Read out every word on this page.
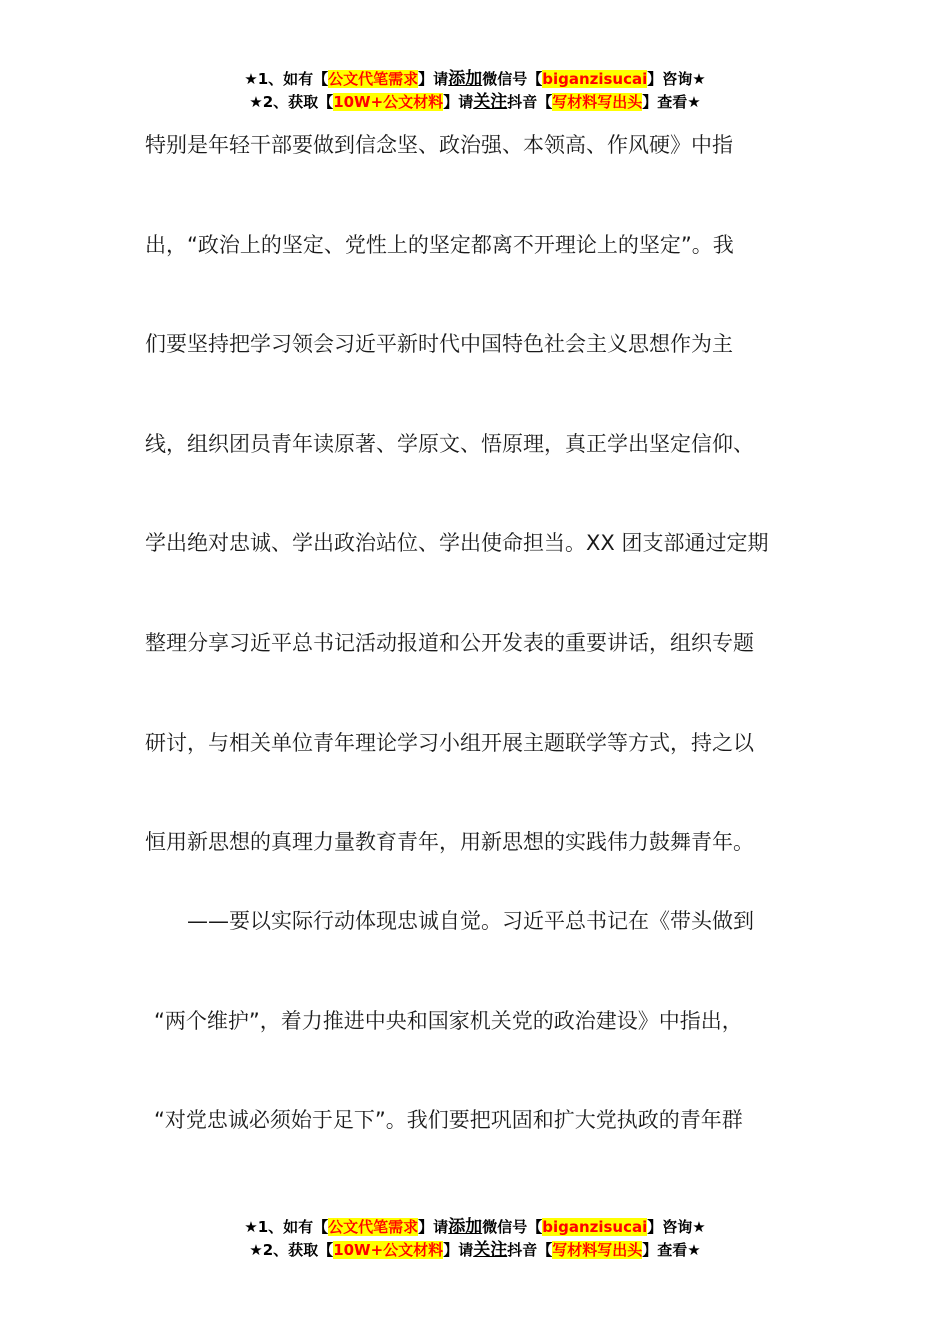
★1、如有【公文代笔需求】请添加微信号【biganzisucai】咨询★
★2、获取【10W+公文材料】请关注抖音【写材料写出头】查看★
特别是年轻干部要做到信念坚、政治强、本领高、作风硬》中指
出，“政治上的坚定、党性上的坚定都离不开理论上的坚定”。我
们要坚持把学习领会习近平新时代中国特色社会主义思想作为主
线，组织团员青年读原著、学原文、悟原理，真正学出坚定信仰、
学出绝对忠诚、学出政治站位、学出使命担当。XX 团支部通过定期
整理分享习近平总书记活动报道和公开发表的重要讲话，组织专题
研讨，与相关单位青年理论学习小组开展主题联学等方式，持之以
恒用新思想的真理力量教育青年，用新思想的实践伟力鼓舞青年。
——要以实际行动体现忠诚自觉。习近平总书记在《带头做到
“两个维护”，着力推进中央和国家机关党的政治建设》中指出，
“对党忠诚必须始于足下”。我们要把巩固和扩大党执政的青年群
★1、如有【公文代笔需求】请添加微信号【biganzisucai】咨询★
★2、获取【10W+公文材料】请关注抖音【写材料写出头】查看★
